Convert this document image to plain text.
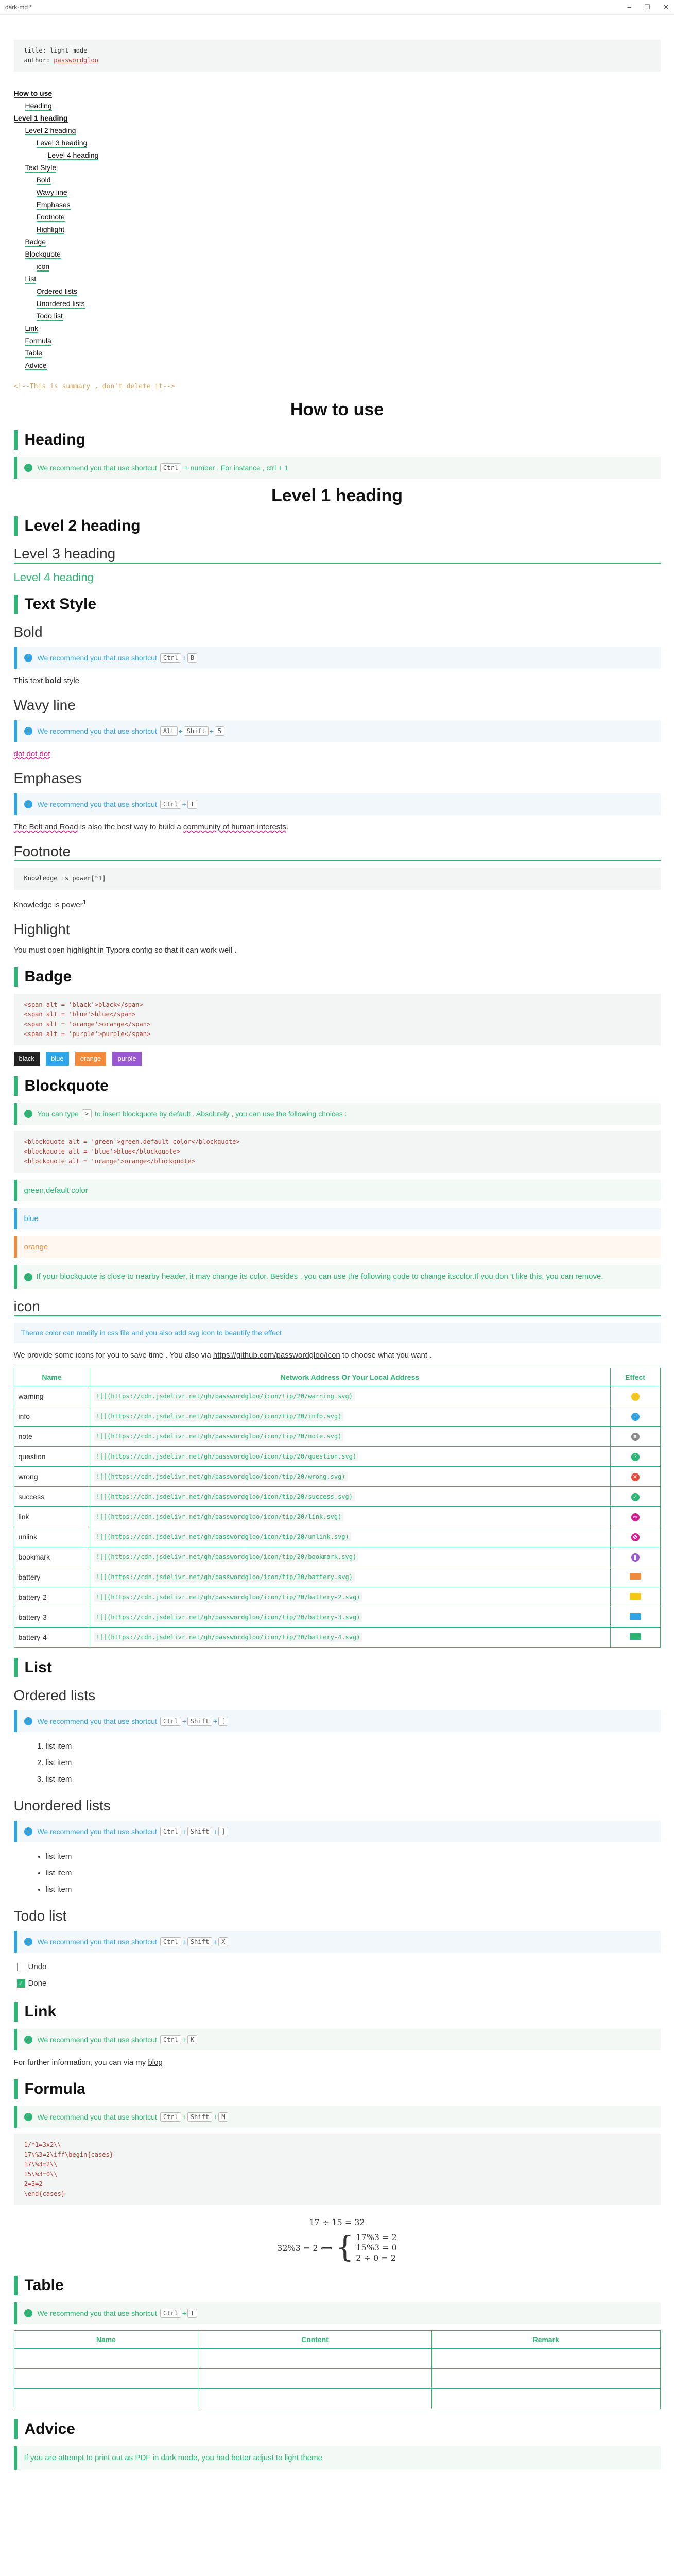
dark-md *	– ☐ ✕
title: light mode
author: passwordgloo
How to use
Heading
Level 1 heading
Level 2 heading
Level 3 heading
Level 4 heading
Text Style
Bold
Wavy line
Emphases
Footnote
Highlight
Badge
Blockquote
icon
List
Ordered lists
Unordered lists
Todo list
Link
Formula
Table
Advice
<!--This is summary , don't delete it-->
How to use
Heading
i	We recommend you that use shortcut
Ctrl
+ number . For instance , ctrl + 1
Level 1 heading
Level 2 heading
Level 3 heading
Level 4 heading
Text Style
Bold
i	We recommend you that use shortcut
Ctrl + B

This text bold style

Wavy line
i	We recommend you that use shortcut
Alt + Shift + 5

dot dot dot

Emphases
i	We recommend you that use shortcut
Ctrl + I

The Belt and Road is also the best way to build a community of human interests.

Footnote
Knowledge is power[^1]

Knowledge is power$^1$

Highlight

You must open highlight in Typora config so that it can work well .

Badge
<span alt = 'black'>black</span>
<span alt = 'blue'>blue</span>
<span alt = 'orange'>orange</span>
<span alt = 'purple'>purple</span>

black blue orange purple

Blockquote
i	You can type
>
to insert blockquote by default . Absolutely , you can use the following choices :
<blockquote alt = 'green'>green,default color</blockquote>
<blockquote alt = 'blue'>blue</blockquote>
<blockquote alt = 'orange'>orange</blockquote>
green,default color
blue
orange
i If your blockquote is close to nearby header, it may change its color. Besides , you can use the following code to change itscolor.If you don 't like this, you can remove.
icon
Theme color can modify in css file and you also add svg icon to beautify the effect

We provide some icons for you to save time . You also via https://github.com/passwordgloo/icon to choose what you want .

Name	Network Address Or Your Local Address	Effect
warning	![](https://cdn.jsdelivr.net/gh/passwordgloo/icon/tip/20/warning.svg)	!
info	![](https://cdn.jsdelivr.net/gh/passwordgloo/icon/tip/20/info.svg)	i
note	![](https://cdn.jsdelivr.net/gh/passwordgloo/icon/tip/20/note.svg)	≡
question	![](https://cdn.jsdelivr.net/gh/passwordgloo/icon/tip/20/question.svg)	?
wrong	![](https://cdn.jsdelivr.net/gh/passwordgloo/icon/tip/20/wrong.svg)	✕
success	![](https://cdn.jsdelivr.net/gh/passwordgloo/icon/tip/20/success.svg)	✓
link	![](https://cdn.jsdelivr.net/gh/passwordgloo/icon/tip/20/link.svg)	∞
unlink	![](https://cdn.jsdelivr.net/gh/passwordgloo/icon/tip/20/unlink.svg)	⊘
bookmark	![](https://cdn.jsdelivr.net/gh/passwordgloo/icon/tip/20/bookmark.svg)	▮
battery	![](https://cdn.jsdelivr.net/gh/passwordgloo/icon/tip/20/battery.svg)	
battery-2	![](https://cdn.jsdelivr.net/gh/passwordgloo/icon/tip/20/battery-2.svg)	
battery-3	![](https://cdn.jsdelivr.net/gh/passwordgloo/icon/tip/20/battery-3.svg)	
battery-4	![](https://cdn.jsdelivr.net/gh/passwordgloo/icon/tip/20/battery-4.svg)	
List
Ordered lists
i	We recommend you that use shortcut
Ctrl + Shift + [
1. list item
2. list item
3. list item
Unordered lists
i	We recommend you that use shortcut
Ctrl + Shift + ]
• list item
• list item
• list item
Todo list
i	We recommend you that use shortcut
Ctrl + Shift + X
Undo
✓ Done
Link
i	We recommend you that use shortcut
Ctrl + K

For further information, you can via my blog

Formula
i	We recommend you that use shortcut
Ctrl + Shift + M
1/*1=3x2\\
17\%3=2\iff\begin{cases}
17\%3=2\\
15\%3=0\\
2=3=2
\end{cases}
17 ÷ 15 = 32
32%3 = 2 ⟺ { 17%3 = 2
15%3 = 0
2 ÷ 0 = 2
Table
i	We recommend you that use shortcut
Ctrl + T
Name	Content	Remark

Advice
If you are attempt to print out as PDF in dark mode, you had better adjust to light theme
